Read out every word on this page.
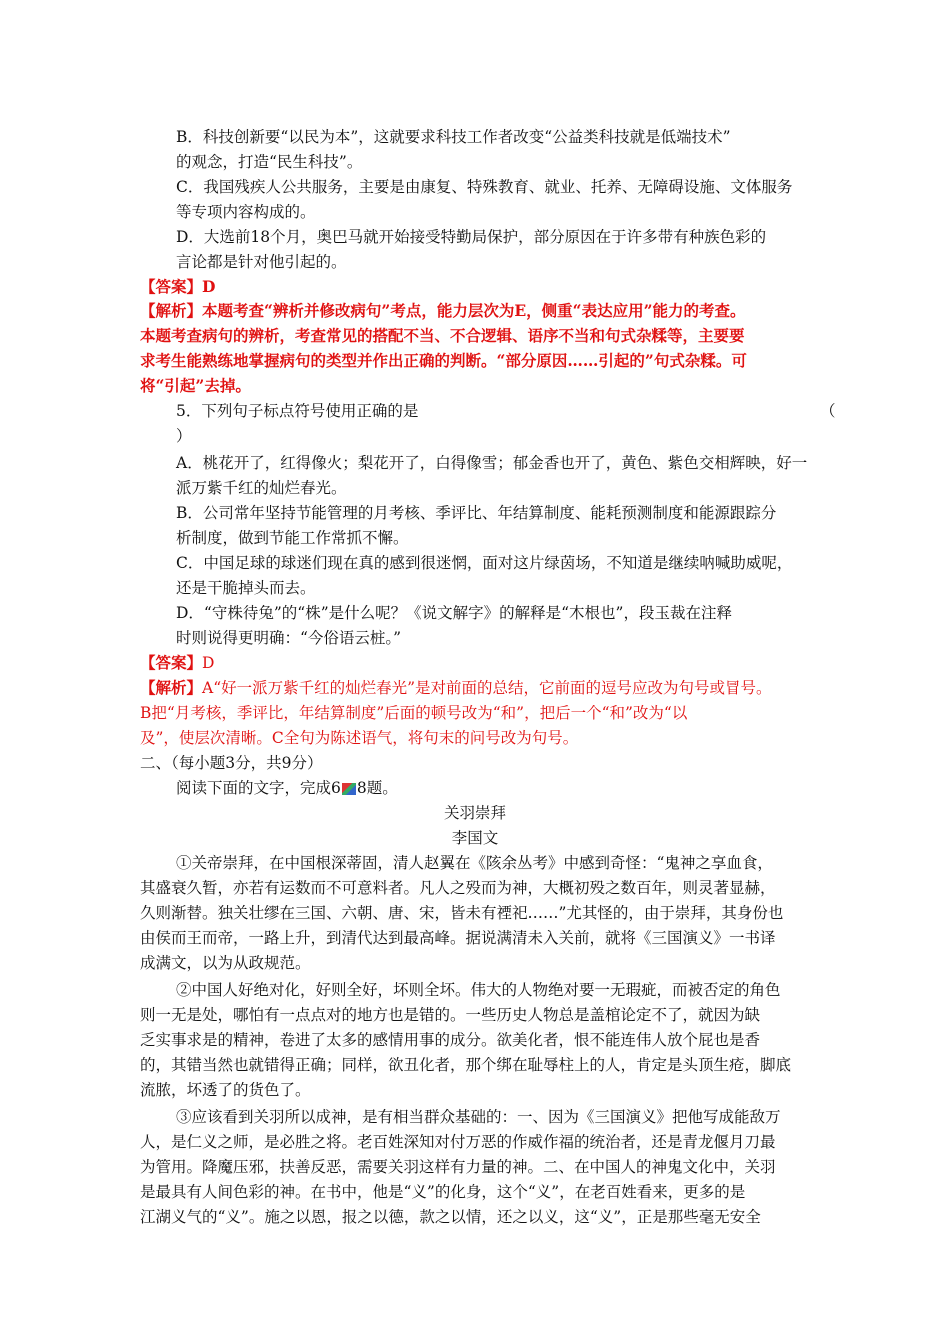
B．科技创新要“以民为本”，这就要求科技工作者改变“公益类科技就是低端技术”
的观念，打造“民生科技”。
C．我国残疾人公共服务，主要是由康复、特殊教育、就业、托养、无障碍设施、文体服务
等专项内容构成的。
D．大选前18个月，奥巴马就开始接受特勤局保护，部分原因在于许多带有种族色彩的
言论都是针对他引起的。
【答案】D
【解析】本题考查“辨析并修改病句”考点，能力层次为E，侧重“表达应用”能力的考查。
本题考查病句的辨析，考查常见的搭配不当、不合逻辑、语序不当和句式杂糅等，主要要
求考生能熟练地掌握病句的类型并作出正确的判断。“部分原因……引起的”句式杂糅。可
将“引起”去掉。
5．下列句子标点符号使用正确的是	（
）
A．桃花开了，红得像火；梨花开了，白得像雪；郁金香也开了，黄色、紫色交相辉映，好一
派万紫千红的灿烂春光。
B．公司常年坚持节能管理的月考核、季评比、年结算制度、能耗预测制度和能源跟踪分
析制度，做到节能工作常抓不懈。
C．中国足球的球迷们现在真的感到很迷惘，面对这片绿茵场，不知道是继续呐喊助威呢，
还是干脆掉头而去。
D．“守株待兔”的“株”是什么呢？《说文解字》的解释是“木根也”，段玉裁在注释
时则说得更明确：“今俗语云桩。”
【答案】D
【解析】A“好一派万紫千红的灿烂春光”是对前面的总结，它前面的逗号应改为句号或冒号。
B把“月考核，季评比，年结算制度”后面的顿号改为“和”，把后一个“和”改为“以
及”，使层次清晰。C全句为陈述语气，将句末的问号改为句号。
二、（每小题3分，共9分）
阅读下面的文字，完成6 8题。
关羽崇拜
李国文
①关帝崇拜，在中国根深蒂固，清人赵翼在《陔余丛考》中感到奇怪：“鬼神之享血食，
其盛衰久暂，亦若有运数而不可意料者。凡人之殁而为神，大概初殁之数百年，则灵著显赫，
久则渐替。独关壮缪在三国、六朝、唐、宋，皆未有禋祀……”尤其怪的，由于崇拜，其身份也
由侯而王而帝，一路上升，到清代达到最高峰。据说满清未入关前，就将《三国演义》一书译
成满文，以为从政规范。
②中国人好绝对化，好则全好，坏则全坏。伟大的人物绝对要一无瑕疵，而被否定的角色
则一无是处，哪怕有一点点对的地方也是错的。一些历史人物总是盖棺论定不了，就因为缺
乏实事求是的精神，卷进了太多的感情用事的成分。欲美化者，恨不能连伟人放个屁也是香
的，其错当然也就错得正确；同样，欲丑化者，那个绑在耻辱柱上的人，肯定是头顶生疮，脚底
流脓，坏透了的货色了。
③应该看到关羽所以成神，是有相当群众基础的：一、因为《三国演义》把他写成能敌万
人，是仁义之师，是必胜之将。老百姓深知对付万恶的作威作福的统治者，还是青龙偃月刀最
为管用。降魔压邪，扶善反恶，需要关羽这样有力量的神。二、在中国人的神鬼文化中，关羽
是最具有人间色彩的神。在书中，他是“义”的化身，这个“义”，在老百姓看来，更多的是
江湖义气的“义”。施之以恩，报之以德，款之以情，还之以义，这“义”，正是那些毫无安全
